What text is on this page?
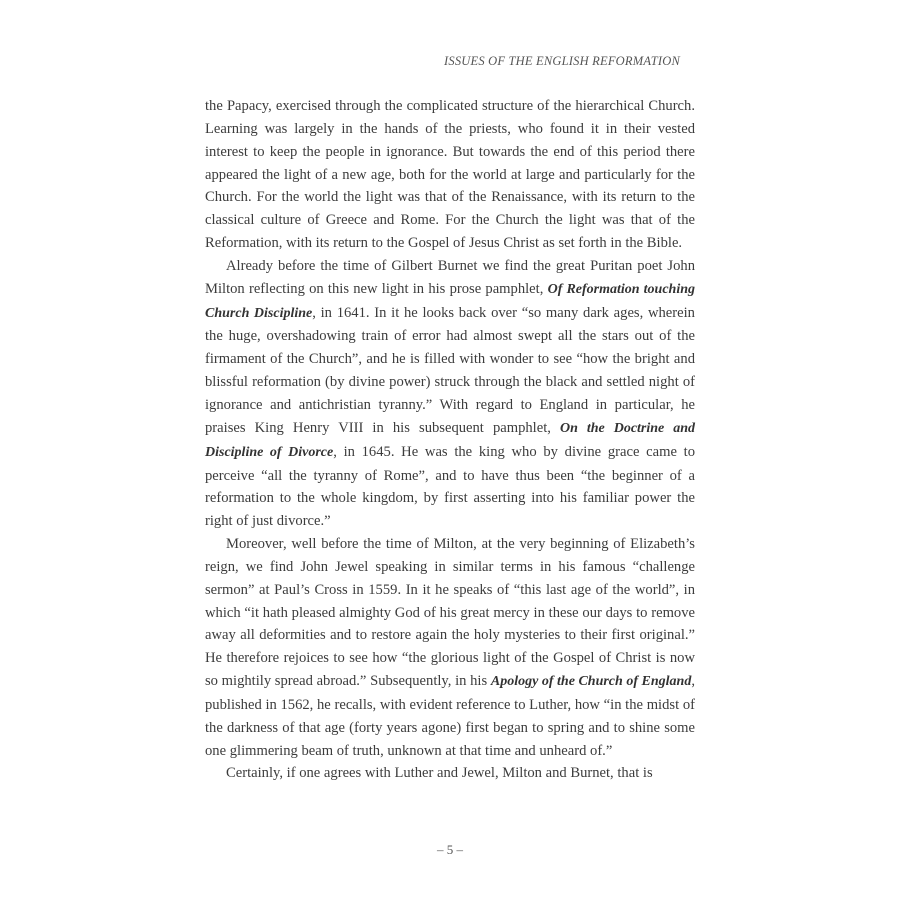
ISSUES OF THE ENGLISH REFORMATION

the Papacy, exercised through the complicated structure of the hierarchical Church. Learning was largely in the hands of the priests, who found it in their vested interest to keep the people in ignorance. But towards the end of this period there appeared the light of a new age, both for the world at large and particularly for the Church. For the world the light was that of the Renaissance, with its return to the classical culture of Greece and Rome. For the Church the light was that of the Reformation, with its return to the Gospel of Jesus Christ as set forth in the Bible.

Already before the time of Gilbert Burnet we find the great Puritan poet John Milton reflecting on this new light in his prose pamphlet, Of Reformation touching Church Discipline, in 1641. In it he looks back over “so many dark ages, wherein the huge, overshadowing train of error had almost swept all the stars out of the firmament of the Church”, and he is filled with wonder to see “how the bright and blissful reformation (by divine power) struck through the black and settled night of ignorance and antichristian tyranny.” With regard to England in particular, he praises King Henry VIII in his subsequent pamphlet, On the Doctrine and Discipline of Divorce, in 1645. He was the king who by divine grace came to perceive “all the tyranny of Rome”, and to have thus been “the beginner of a reformation to the whole kingdom, by first asserting into his familiar power the right of just divorce.”

Moreover, well before the time of Milton, at the very beginning of Elizabeth’s reign, we find John Jewel speaking in similar terms in his famous “challenge sermon” at Paul’s Cross in 1559. In it he speaks of “this last age of the world”, in which “it hath pleased almighty God of his great mercy in these our days to remove away all deformities and to restore again the holy mysteries to their first original.” He therefore rejoices to see how “the glorious light of the Gospel of Christ is now so mightily spread abroad.” Subsequently, in his Apology of the Church of England, published in 1562, he recalls, with evident reference to Luther, how “in the midst of the darkness of that age (forty years agone) first began to spring and to shine some one glimmering beam of truth, unknown at that time and unheard of.”

Certainly, if one agrees with Luther and Jewel, Milton and Burnet, that is

– 5 –
